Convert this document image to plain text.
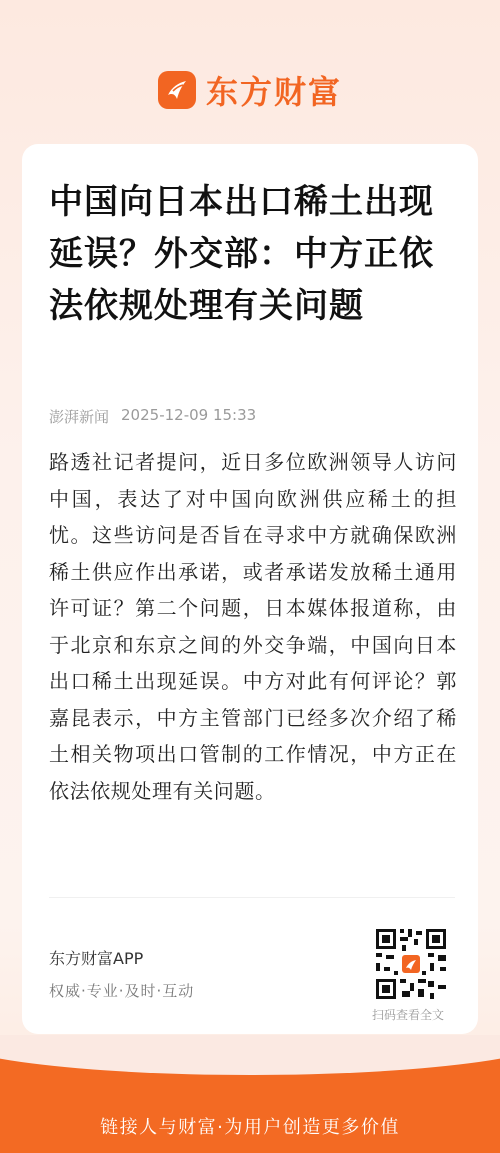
东方财富
中国向日本出口稀土出现延误？外交部：中方正依法依规处理有关问题
澎湃新闻 2025-12-09 15:33
路透社记者提问，近日多位欧洲领导人访问中国，表达了对中国向欧洲供应稀土的担忧。这些访问是否旨在寻求中方就确保欧洲稀土供应作出承诺，或者承诺发放稀土通用许可证？第二个问题，日本媒体报道称，由于北京和东京之间的外交争端，中国向日本出口稀土出现延误。中方对此有何评论？郭嘉昆表示，中方主管部门已经多次介绍了稀土相关物项出口管制的工作情况，中方正在依法依规处理有关问题。
东方财富APP
权威·专业·及时·互动
扫码查看全文
链接人与财富·为用户创造更多价值
